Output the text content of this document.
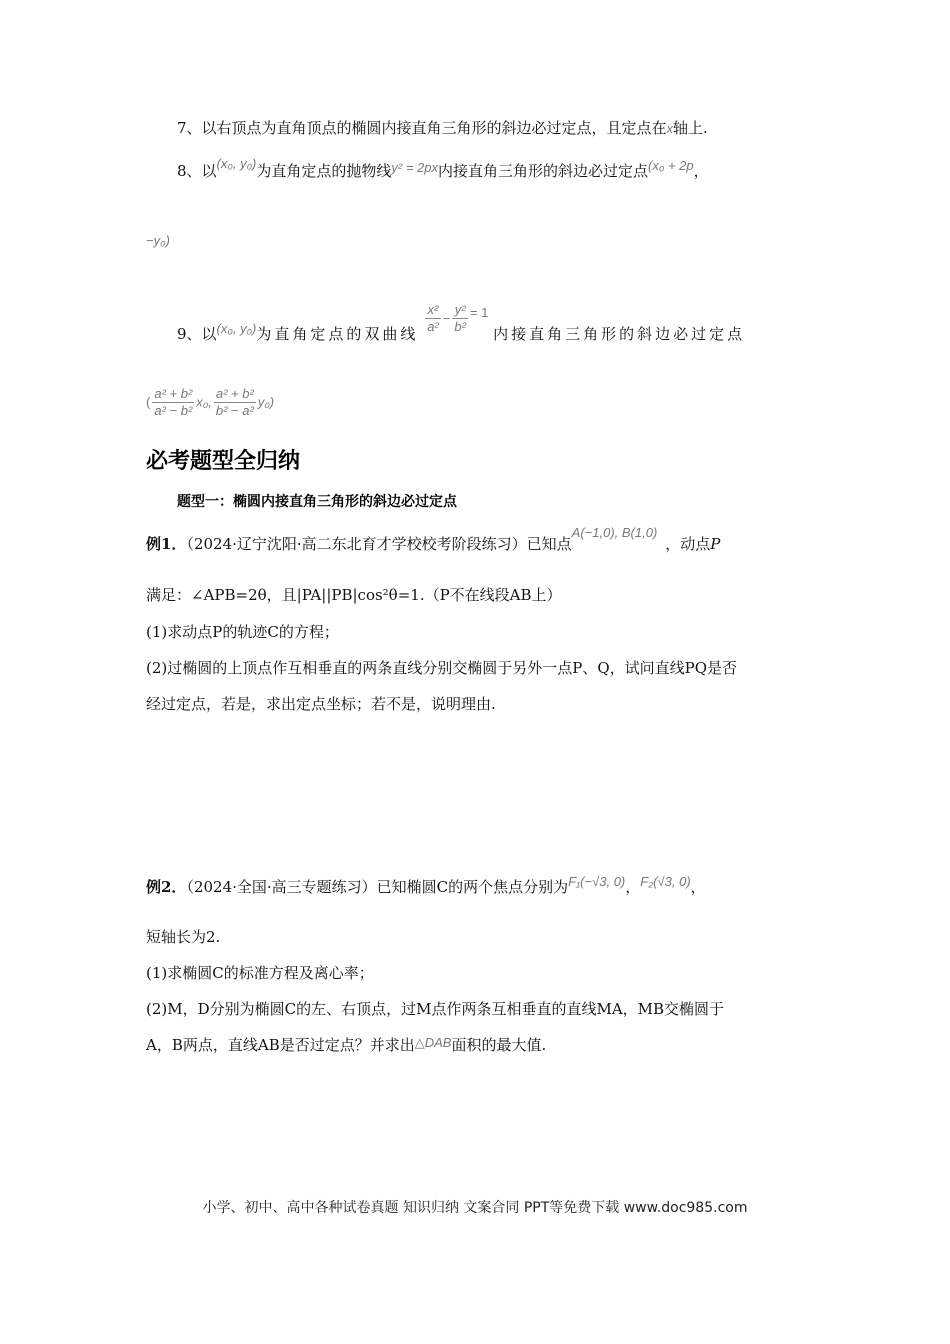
7、以右顶点为直角顶点的椭圆内接直角三角形的斜边必过定点，且定点在x轴上.
8、以(x₀, y₀)为直角定点的抛物线y² = 2px内接直角三角形的斜边必过定点(x₀ + 2p，
−y₀)
9、以(x₀, y₀)为直角定点的双曲线 $\frac{\text{x²}}{\text{a²}} - \frac{\text{y²}}{\text{b²}} = 1$ 内接直角三角形的斜边必过定点
( $\frac{\text{a² + b²}}{\text{a² − b²}} x_0$, $\frac{\text{a² + b²}}{\text{b² − a²}} y_0$)
必考题型全归纳
题型一：椭圆内接直角三角形的斜边必过定点
例1．（2024·辽宁沈阳·高二东北育才学校校考阶段练习）已知点A(−1,0), B(1,0)，动点P
满足：∠APB=2θ，且|PA||PB|cos²θ=1.（P不在线段AB上）
(1)求动点P的轨迹C的方程；
(2)过椭圆的上顶点作互相垂直的两条直线分别交椭圆于另外一点P、Q，试问直线PQ是否
经过定点，若是，求出定点坐标；若不是，说明理由.
例2．（2024·全国·高三专题练习）已知椭圆C的两个焦点分别为F₁(−√3, 0)，F₂(√3, 0)，
短轴长为2.
(1)求椭圆C的标准方程及离心率；
(2)M，D分别为椭圆C的左、右顶点，过M点作两条互相垂直的直线MA，MB交椭圆于
A，B两点，直线AB是否过定点？并求出△DAB面积的最大值.
小学、初中、高中各种试卷真题 知识归纳 文案合同 PPT等免费下载 www.doc985.com
